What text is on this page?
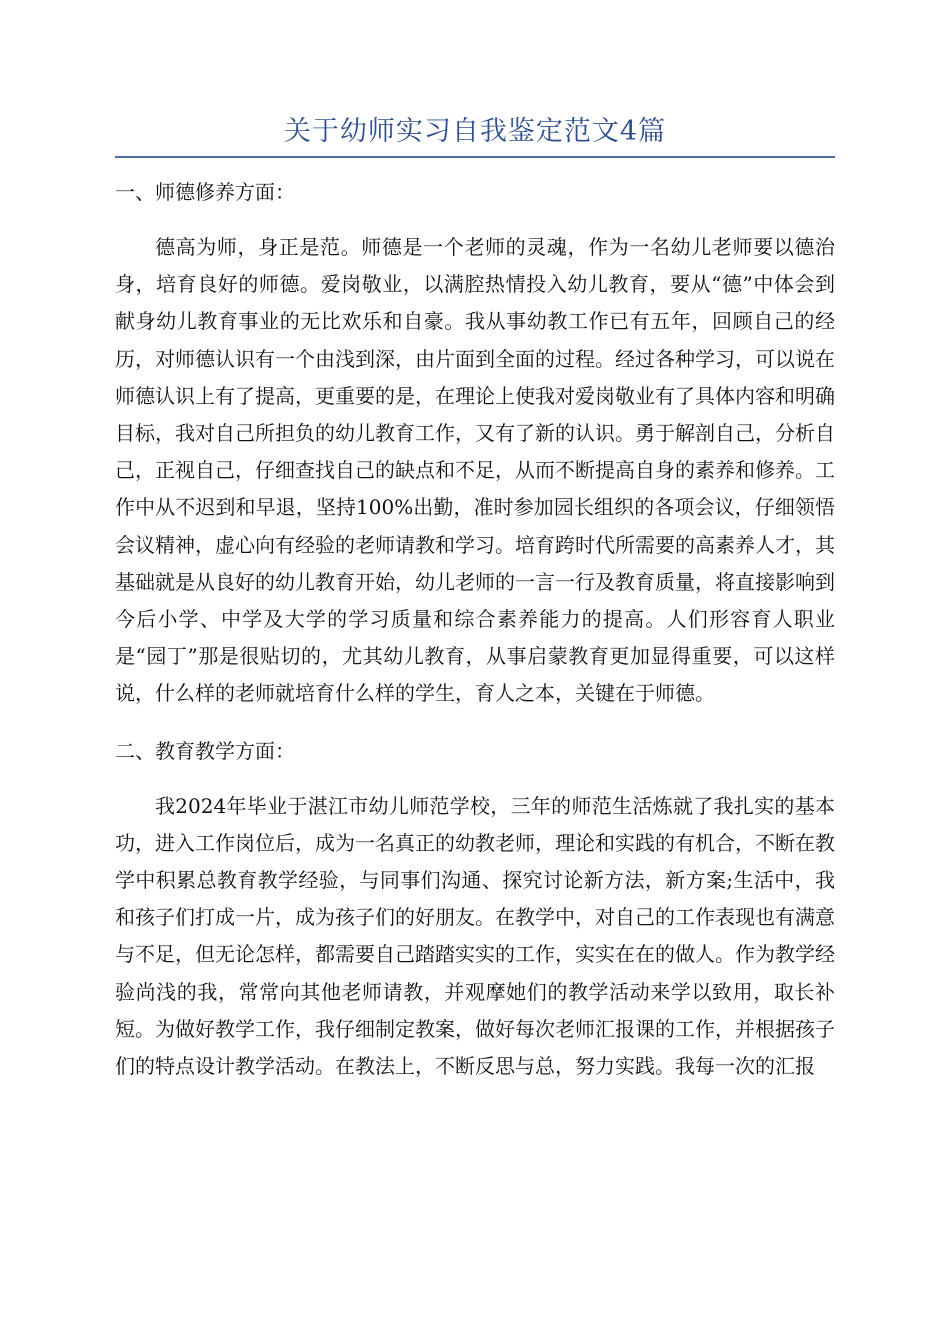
关于幼师实习自我鉴定范文4篇
一、师德修养方面：

德高为师，身正是范。师德是一个老师的灵魂，作为一名幼儿老师要以德治身，培育良好的师德。爱岗敬业，以满腔热情投入幼儿教育，要从“德”中体会到献身幼儿教育事业的无比欢乐和自豪。我从事幼教工作已有五年，回顾自己的经历，对师德认识有一个由浅到深，由片面到全面的过程。经过各种学习，可以说在师德认识上有了提高，更重要的是，在理论上使我对爱岗敬业有了具体内容和明确目标，我对自己所担负的幼儿教育工作，又有了新的认识。勇于解剖自己，分析自己，正视自己，仔细查找自己的缺点和不足，从而不断提高自身的素养和修养。工作中从不迟到和早退，坚持100%出勤，准时参加园长组织的各项会议，仔细领悟会议精神，虚心向有经验的老师请教和学习。培育跨时代所需要的高素养人才，其基础就是从良好的幼儿教育开始，幼儿老师的一言一行及教育质量，将直接影响到今后小学、中学及大学的学习质量和综合素养能力的提高。人们形容育人职业是“园丁”那是很贴切的，尤其幼儿教育，从事启蒙教育更加显得重要，可以这样说，什么样的老师就培育什么样的学生，育人之本，关键在于师德。

二、教育教学方面：

我2024年毕业于湛江市幼儿师范学校，三年的师范生活炼就了我扎实的基本功，进入工作岗位后，成为一名真正的幼教老师，理论和实践的有机合，不断在教学中积累总教育教学经验，与同事们沟通、探究讨论新方法，新方案;生活中，我和孩子们打成一片，成为孩子们的好朋友。在教学中，对自己的工作表现也有满意与不足，但无论怎样，都需要自己踏踏实实的工作，实实在在的做人。作为教学经验尚浅的我，常常向其他老师请教，并观摩她们的教学活动来学以致用，取长补短。为做好教学工作，我仔细制定教案，做好每次老师汇报课的工作，并根据孩子们的特点设计教学活动。在教法上，不断反思与总，努力实践。我每一次的汇报
